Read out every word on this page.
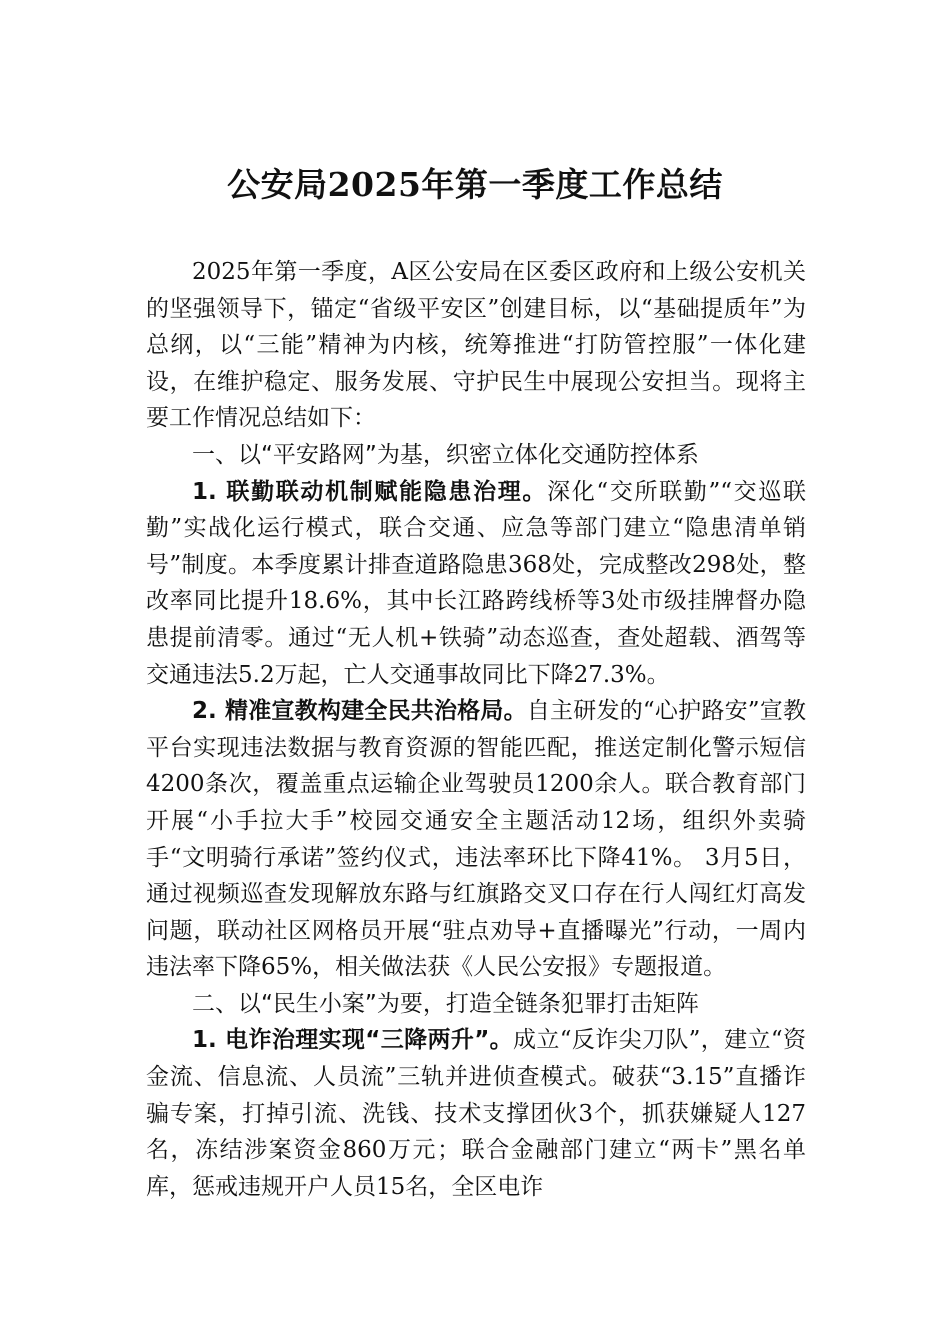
公安局2025年第一季度工作总结

2025年第一季度，A区公安局在区委区政府和上级公安机关的坚强领导下，锚定“省级平安区”创建目标，以“基础提质年”为总纲，以“三能”精神为内核，统筹推进“打防管控服”一体化建设，在维护稳定、服务发展、守护民生中展现公安担当。现将主要工作情况总结如下：

一、以“平安路网”为基，织密立体化交通防控体系

1. 联勤联动机制赋能隐患治理。深化“交所联勤”“交巡联勤”实战化运行模式，联合交通、应急等部门建立“隐患清单销号”制度。本季度累计排查道路隐患368处，完成整改298处，整改率同比提升18.6%，其中长江路跨线桥等3处市级挂牌督办隐患提前清零。通过“无人机+铁骑”动态巡查，查处超载、酒驾等交通违法5.2万起，亡人交通事故同比下降27.3%。

2. 精准宣教构建全民共治格局。自主研发的“心护路安”宣教平台实现违法数据与教育资源的智能匹配，推送定制化警示短信4200条次，覆盖重点运输企业驾驶员1200余人。联合教育部门开展“小手拉大手”校园交通安全主题活动12场，组织外卖骑手“文明骑行承诺”签约仪式，违法率环比下降41%。 3月5日，通过视频巡查发现解放东路与红旗路交叉口存在行人闯红灯高发问题，联动社区网格员开展“驻点劝导+直播曝光”行动，一周内违法率下降65%，相关做法获《人民公安报》专题报道。

二、以“民生小案”为要，打造全链条犯罪打击矩阵

1. 电诈治理实现“三降两升”。成立“反诈尖刀队”，建立“资金流、信息流、人员流”三轨并进侦查模式。破获“3.15”直播诈骗专案，打掉引流、洗钱、技术支撑团伙3个，抓获嫌疑人127名，冻结涉案资金860万元；联合金融部门建立“两卡”黑名单库，惩戒违规开户人员15名，全区电诈
